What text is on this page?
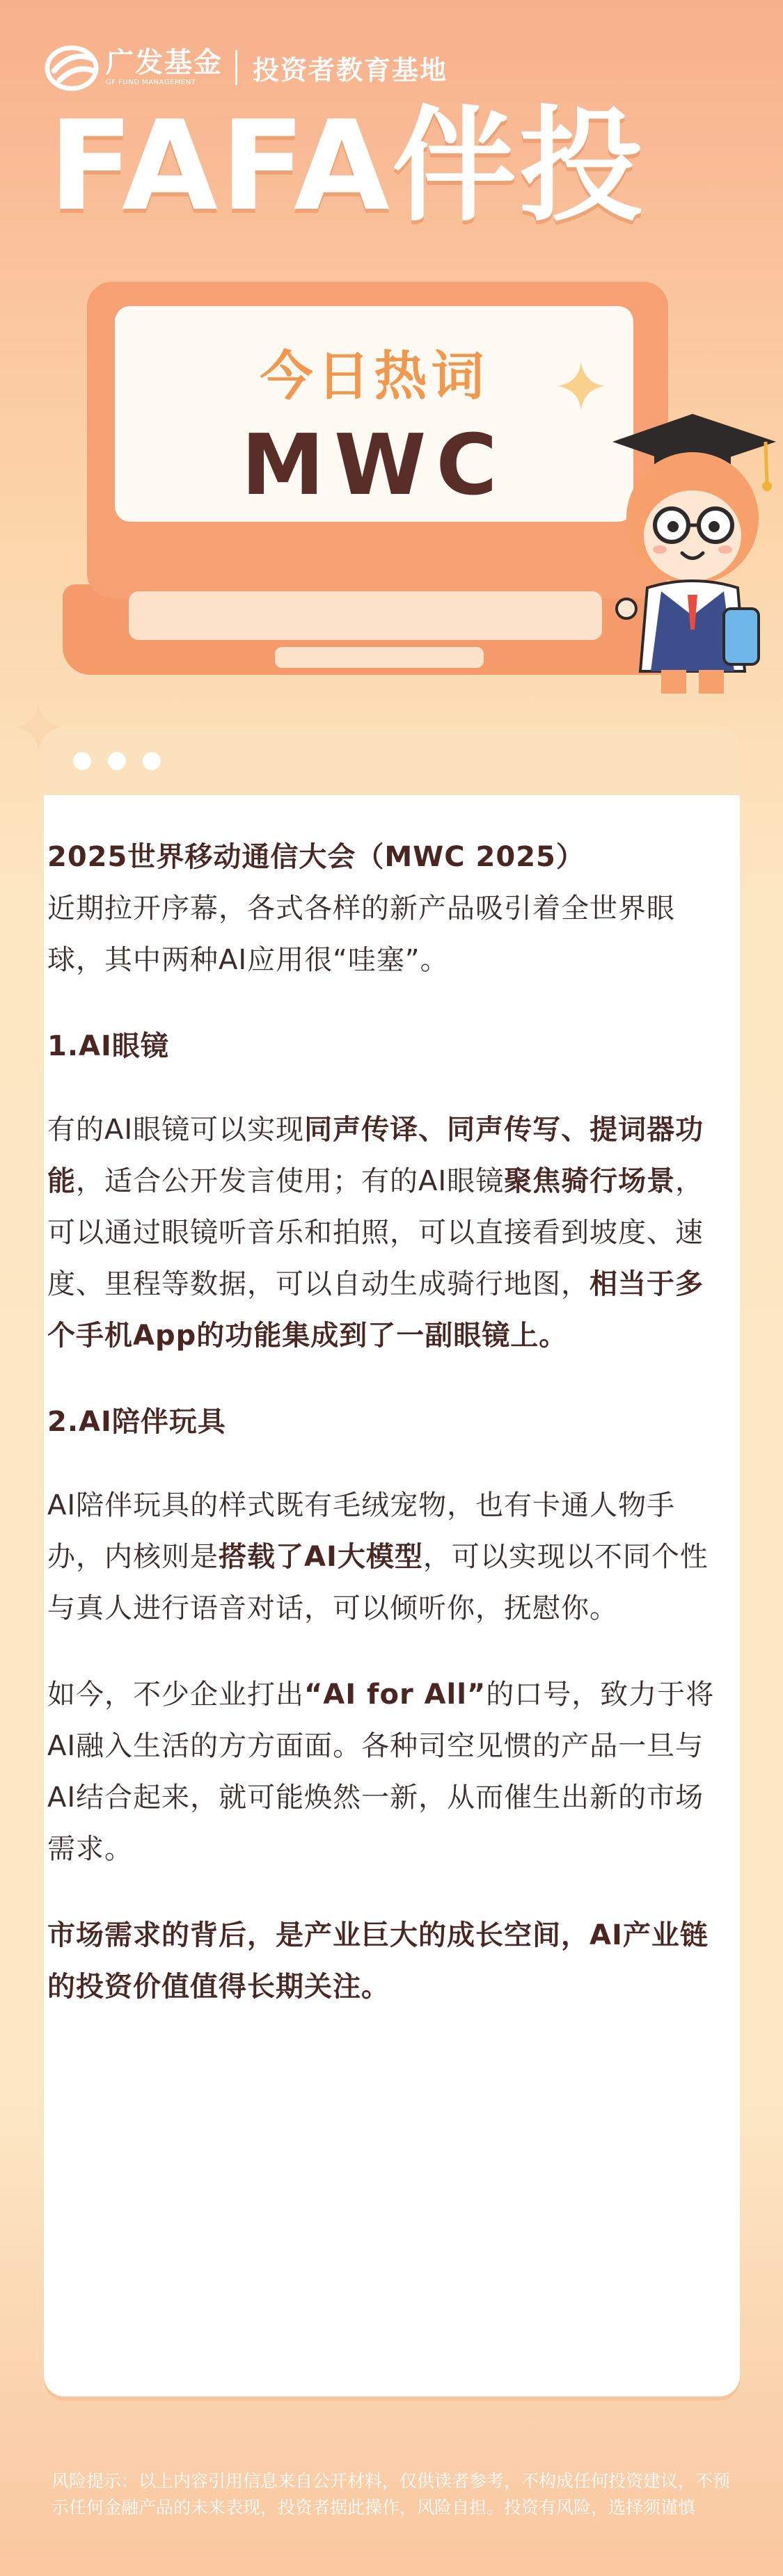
广发基金
GF FUND MANAGEMENT	投资者教育基地
FAFA伴投
今日热词
MWC

2025世界移动通信大会（MWC 2025）
近期拉开序幕，各式各样的新产品吸引着全世界眼球，其中两种AI应用很“哇塞”。

1.AI眼镜

有的AI眼镜可以实现同声传译、同声传写、提词器功能，适合公开发言使用；有的AI眼镜聚焦骑行场景，可以通过眼镜听音乐和拍照，可以直接看到坡度、速度、里程等数据，可以自动生成骑行地图，相当于多个手机App的功能集成到了一副眼镜上。

2.AI陪伴玩具

AI陪伴玩具的样式既有毛绒宠物，也有卡通人物手办，内核则是搭载了AI大模型，可以实现以不同个性与真人进行语音对话，可以倾听你，抚慰你。

如今，不少企业打出“AI for All”的口号，致力于将AI融入生活的方方面面。各种司空见惯的产品一旦与AI结合起来，就可能焕然一新，从而催生出新的市场需求。

市场需求的背后，是产业巨大的成长空间，AI产业链的投资价值值得长期关注。

风险提示：以上内容引用信息来自公开材料，仅供读者参考，不构成任何投资建议，不预示任何金融产品的未来表现，投资者据此操作，风险自担。投资有风险，选择须谨慎
